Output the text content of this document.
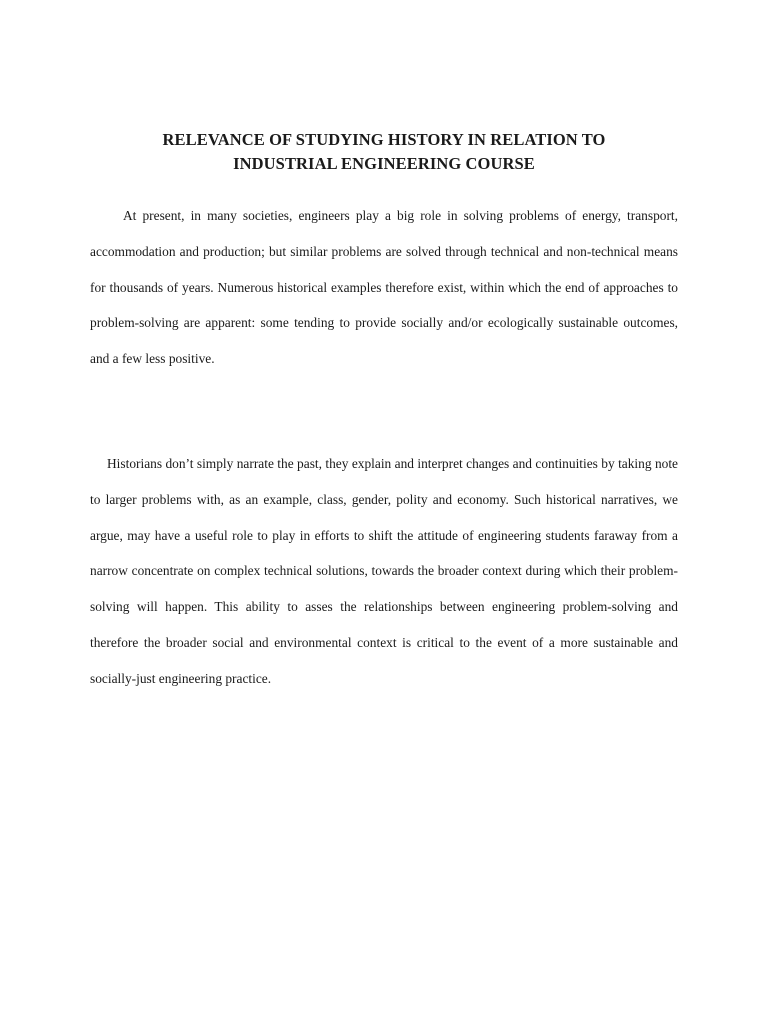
RELEVANCE OF STUDYING HISTORY IN RELATION TO
INDUSTRIAL ENGINEERING COURSE

At present, in many societies, engineers play a big role in solving problems of energy, transport, accommodation and production; but similar problems are solved through technical and non-technical means for thousands of years. Numerous historical examples therefore exist, within which the end of approaches to problem-solving are apparent: some tending to provide socially and/or ecologically sustainable outcomes, and a few less positive.

Historians don’t simply narrate the past, they explain and interpret changes and continuities by taking note to larger problems with, as an example, class, gender, polity and economy. Such historical narratives, we argue, may have a useful role to play in efforts to shift the attitude of engineering students faraway from a narrow concentrate on complex technical solutions, towards the broader context during which their problem-solving will happen. This ability to asses the relationships between engineering problem-solving and therefore the broader social and environmental context is critical to the event of a more sustainable and socially-just engineering practice.
